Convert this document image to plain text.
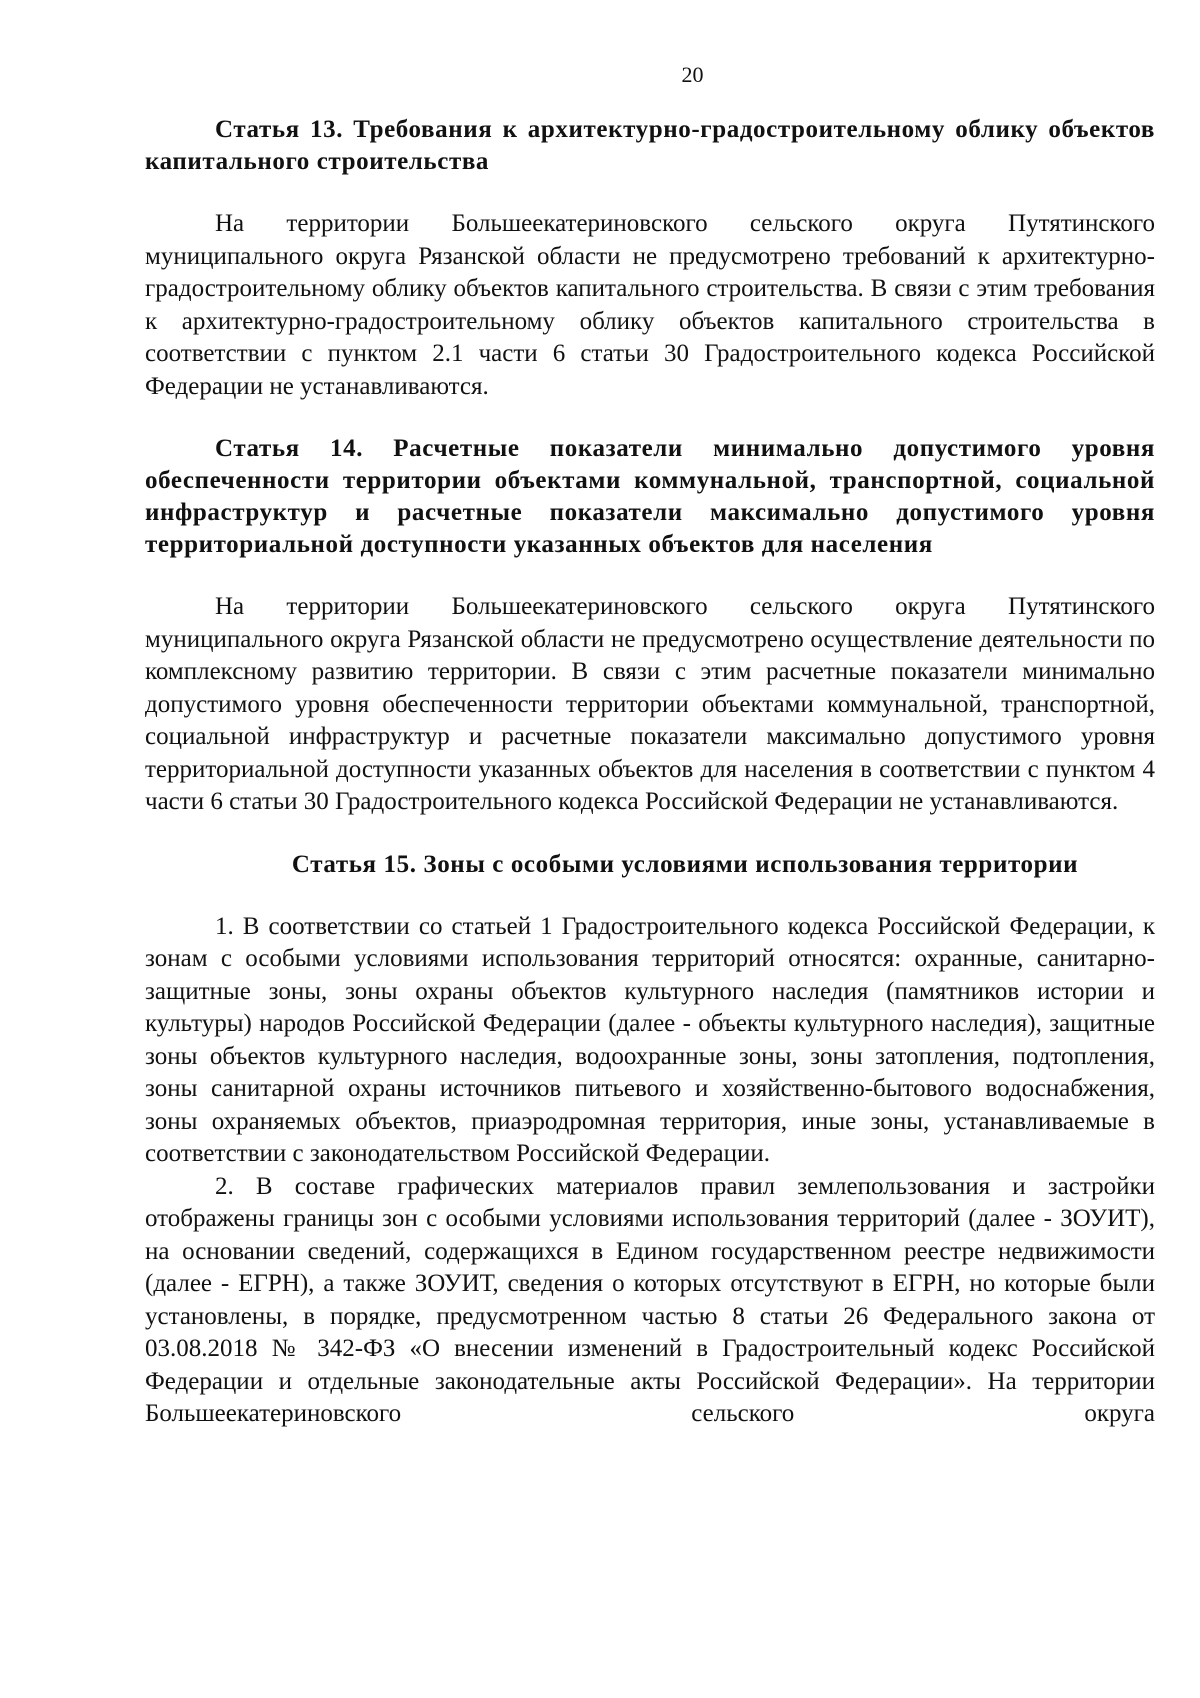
20

Статья 13. Требования к архитектурно-градостроительному облику объектов капитального строительства

На территории Большеекатериновского сельского округа Путятинского муниципального округа Рязанской области не предусмотрено требований к архитектурно-градостроительному облику объектов капитального строительства. В связи с этим требования к архитектурно-градостроительному облику объектов капитального строительства в соответствии с пунктом 2.1 части 6 статьи 30 Градостроительного кодекса Российской Федерации не устанавливаются.

Статья 14. Расчетные показатели минимально допустимого уровня обеспеченности территории объектами коммунальной, транспортной, социальной инфраструктур и расчетные показатели максимально допустимого уровня территориальной доступности указанных объектов для населения

На территории Большеекатериновского сельского округа Путятинского муниципального округа Рязанской области не предусмотрено осуществление деятельности по комплексному развитию территории. В связи с этим расчетные показатели минимально допустимого уровня обеспеченности территории объектами коммунальной, транспортной, социальной инфраструктур и расчетные показатели максимально допустимого уровня территориальной доступности указанных объектов для населения в соответствии с пунктом 4 части 6 статьи 30 Градостроительного кодекса Российской Федерации не устанавливаются.

Статья 15. Зоны с особыми условиями использования территории

1. В соответствии со статьей 1 Градостроительного кодекса Российской Федерации, к зонам с особыми условиями использования территорий относятся: охранные, санитарно-защитные зоны, зоны охраны объектов культурного наследия (памятников истории и культуры) народов Российской Федерации (далее - объекты культурного наследия), защитные зоны объектов культурного наследия, водоохранные зоны, зоны затопления, подтопления, зоны санитарной охраны источников питьевого и хозяйственно-бытового водоснабжения, зоны охраняемых объектов, приаэродромная территория, иные зоны, устанавливаемые в соответствии с законодательством Российской Федерации.

2. В составе графических материалов правил землепользования и застройки отображены границы зон с особыми условиями использования территорий (далее - ЗОУИТ), на основании сведений, содержащихся в Едином государственном реестре недвижимости (далее - ЕГРН), а также ЗОУИТ, сведения о которых отсутствуют в ЕГРН, но которые были установлены, в порядке, предусмотренном частью 8 статьи 26 Федерального закона от 03.08.2018 № 342-ФЗ «О внесении изменений в Градостроительный кодекс Российской Федерации и отдельные законодательные акты Российской Федерации». На территории Большеекатериновского сельского округа
